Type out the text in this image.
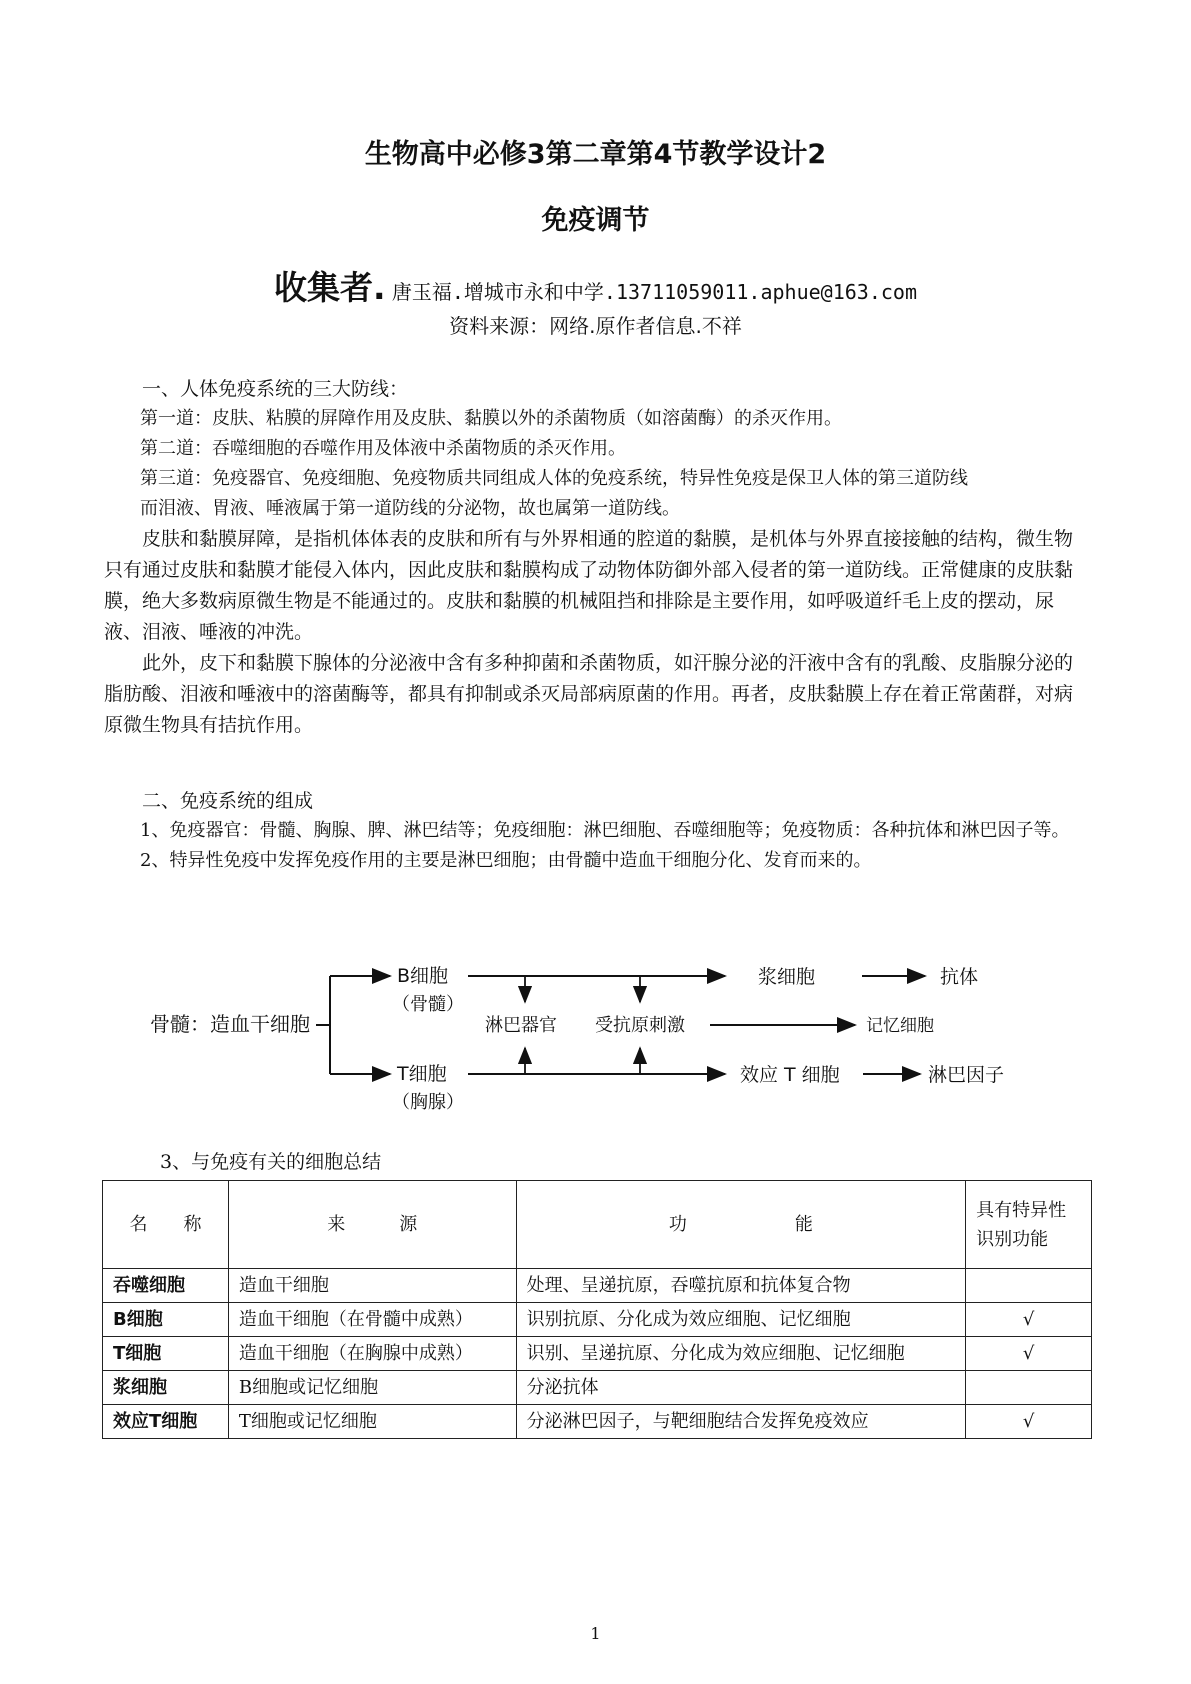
生物高中必修3第二章第4节教学设计2
免疫调节
收集者. 唐玉福.增城市永和中学.13711059011.aphue@163.com
资料来源：网络.原作者信息.不祥

一、人体免疫系统的三大防线：

第一道：皮肤、粘膜的屏障作用及皮肤、黏膜以外的杀菌物质（如溶菌酶）的杀灭作用。

第二道：吞噬细胞的吞噬作用及体液中杀菌物质的杀灭作用。

第三道：免疫器官、免疫细胞、免疫物质共同组成人体的免疫系统，特异性免疫是保卫人体的第三道防线

而泪液、胃液、唾液属于第一道防线的分泌物，故也属第一道防线。

皮肤和黏膜屏障，是指机体体表的皮肤和所有与外界相通的腔道的黏膜，是机体与外界直接接触的结构，微生物只有通过皮肤和黏膜才能侵入体内，因此皮肤和黏膜构成了动物体防御外部入侵者的第一道防线。正常健康的皮肤黏膜，绝大多数病原微生物是不能通过的。皮肤和黏膜的机械阻挡和排除是主要作用，如呼吸道纤毛上皮的摆动，尿液、泪液、唾液的冲洗。

此外，皮下和黏膜下腺体的分泌液中含有多种抑菌和杀菌物质，如汗腺分泌的汗液中含有的乳酸、皮脂腺分泌的脂肪酸、泪液和唾液中的溶菌酶等，都具有抑制或杀灭局部病原菌的作用。再者，皮肤黏膜上存在着正常菌群，对病原微生物具有拮抗作用。

二、免疫系统的组成

1、免疫器官：骨髓、胸腺、脾、淋巴结等；免疫细胞：淋巴细胞、吞噬细胞等；免疫物质：各种抗体和淋巴因子等。

2、特异性免疫中发挥免疫作用的主要是淋巴细胞；由骨髓中造血干细胞分化、发育而来的。

骨髓：造血干细胞
B细胞
（骨髓）
T细胞
（胸腺）
淋巴器官 受抗原刺激
浆细胞	抗体
记忆细胞
效应 T 细胞	淋巴因子
3、与免疫有关的细胞总结
名　　称	来　　　源	功　　　　　　能	具有特异性识别功能
吞噬细胞	造血干细胞	处理、呈递抗原，吞噬抗原和抗体复合物	
B细胞	造血干细胞（在骨髓中成熟）	识别抗原、分化成为效应细胞、记忆细胞	√
T细胞	造血干细胞（在胸腺中成熟）	识别、呈递抗原、分化成为效应细胞、记忆细胞	√
浆细胞	B细胞或记忆细胞	分泌抗体	
效应T细胞	T细胞或记忆细胞	分泌淋巴因子，与靶细胞结合发挥免疫效应	√
1
